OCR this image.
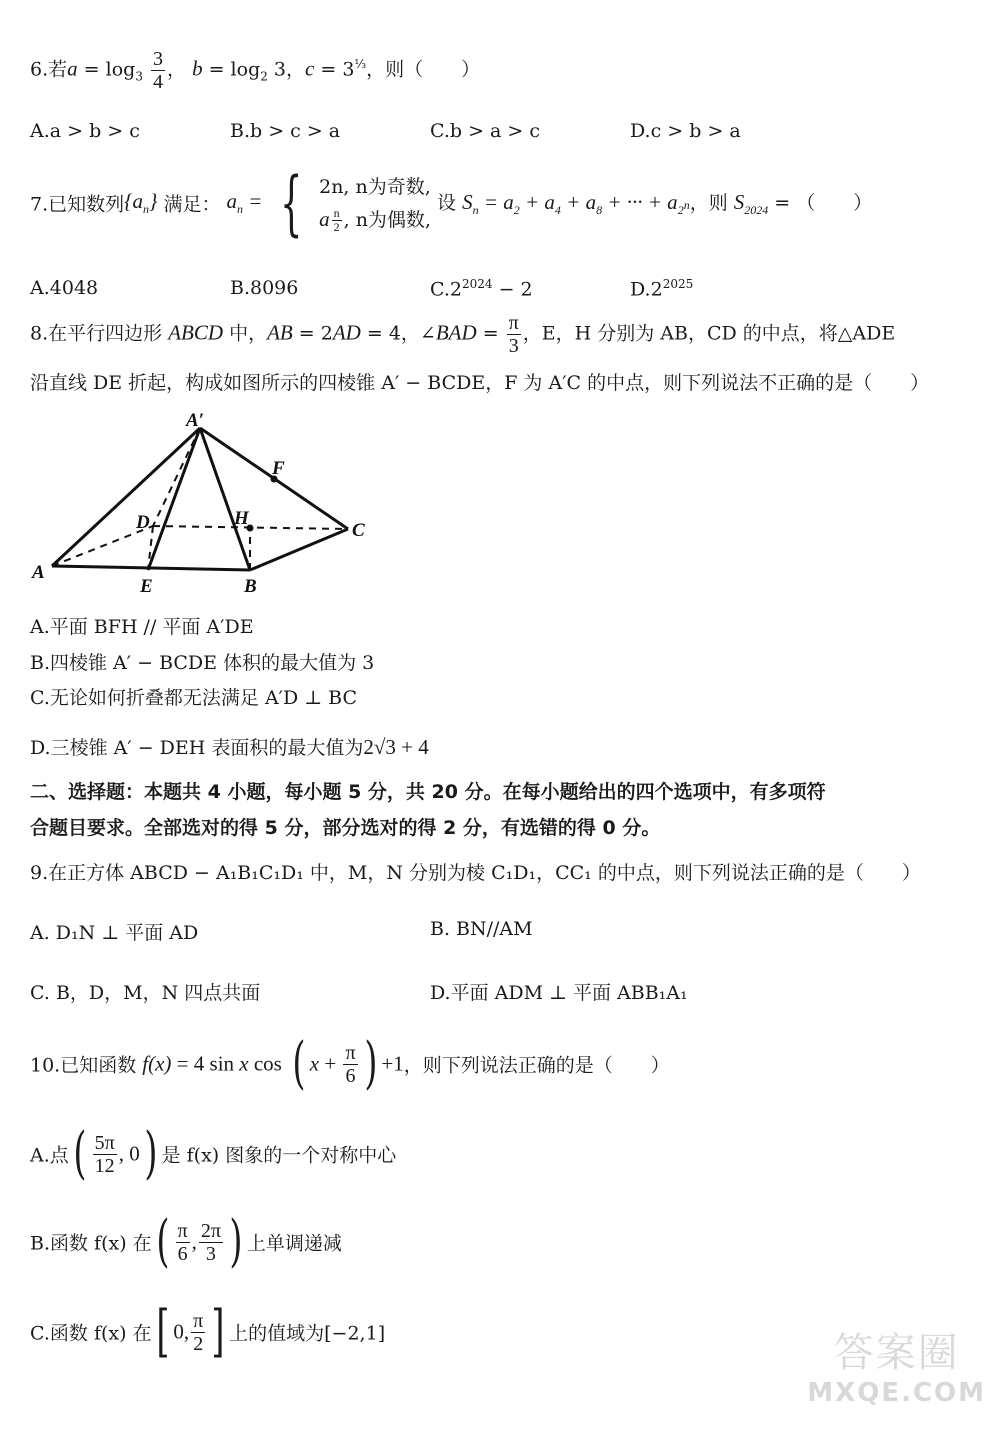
6.若$a = \log_3 \frac{3}{4}$ ， $b = \log_2 3$，$c = 3^{\frac{1}{3}}$，则（　　）
A.a > b > c	B.b > c > a	C.b > a > c	D.c > b > a
7.已知数列$\{a_n\}$ 满足： $a_n$ = { 2n, n为奇数,
a $\frac{n}{2}$ , n为偶数,
设 $S_n = a_2 + a_4 + a_8$ + ··· + $a_{2^n}$，则 $S_{2024}$ = （　　）
A.4048	B.8096	$C.2^{2024} - 2$	$D.2^{2025}$
8.在平行四边形 ABCD 中，AB = 2AD = 4，∠BAD = $\frac{\pi}{3}$ ，E，H 分别为 AB，CD 的中点，将△ADE
沿直线 DE 折起，构成如图所示的四棱锥 A′ − BCDE，F 为 A′C 的中点，则下列说法不正确的是（　　）
A′
F
D	H
C
A
E	B
A.平面 BFH // 平面 A′DE
B.四棱锥 A′ − BCDE 体积的最大值为 3
C.无论如何折叠都无法满足 A′D ⊥ BC
D.三棱锥 A′ − DEH 表面积的最大值为2√3 + 4
二、选择题：本题共 4 小题，每小题 5 分，共 20 分。在每小题给出的四个选项中，有多项符
合题目要求。全部选对的得 5 分，部分选对的得 2 分，有选错的得 0 分。
9.在正方体 ABCD − A₁B₁C₁D₁ 中，M，N 分别为棱 C₁D₁，CC₁ 的中点，则下列说法正确的是（　　）
A. D₁N ⊥ 平面 AD	B. BN//AM
C. B，D，M，N 四点共面	D.平面 ADM ⊥ 平面 ABB₁A₁
10.已知函数 f(x) = 4 sin x cos ( $x + \frac{\pi}{6}$ ) +1，则下列说法正确的是（　　）
A.点( $\frac{5\pi}{12}$ , 0) 是 f(x) 图象的一个对称中心
B.函数 f(x) 在( $\frac{\pi}{6}$ , $\frac{2\pi}{3}$ ) 上单调递减
C.函数 f(x) 在[ 0, $\frac{\pi}{2}$ ] 上的值域为[−2,1]	答案圈
MXQE.COM
